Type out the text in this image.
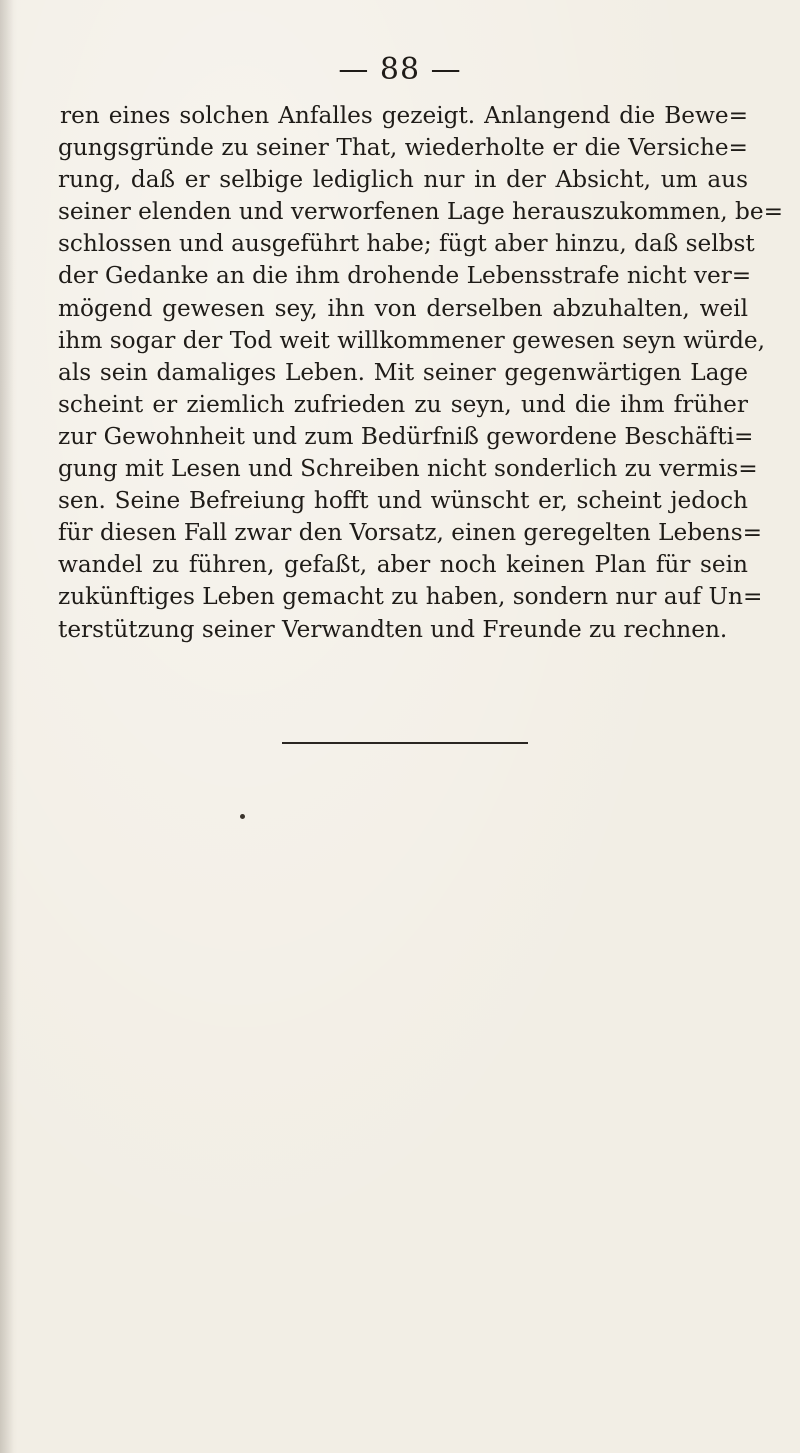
— 88 —
ren eines solchen Anfalles gezeigt. Anlangend die Bewe=
gungsgründe zu seiner That, wiederholte er die Versiche=
rung, daß er selbige lediglich nur in der Absicht, um aus
seiner elenden und verworfenen Lage herauszukommen, be=
schlossen und ausgeführt habe; fügt aber hinzu, daß selbst
der Gedanke an die ihm drohende Lebensstrafe nicht ver=
mögend gewesen sey, ihn von derselben abzuhalten, weil
ihm sogar der Tod weit willkommener gewesen seyn würde,
als sein damaliges Leben. Mit seiner gegenwärtigen Lage
scheint er ziemlich zufrieden zu seyn, und die ihm früher
zur Gewohnheit und zum Bedürfniß gewordene Beschäfti=
gung mit Lesen und Schreiben nicht sonderlich zu vermis=
sen. Seine Befreiung hofft und wünscht er, scheint jedoch
für diesen Fall zwar den Vorsatz, einen geregelten Lebens=
wandel zu führen, gefaßt, aber noch keinen Plan für sein
zukünftiges Leben gemacht zu haben, sondern nur auf Un=
terstützung seiner Verwandten und Freunde zu rechnen.
